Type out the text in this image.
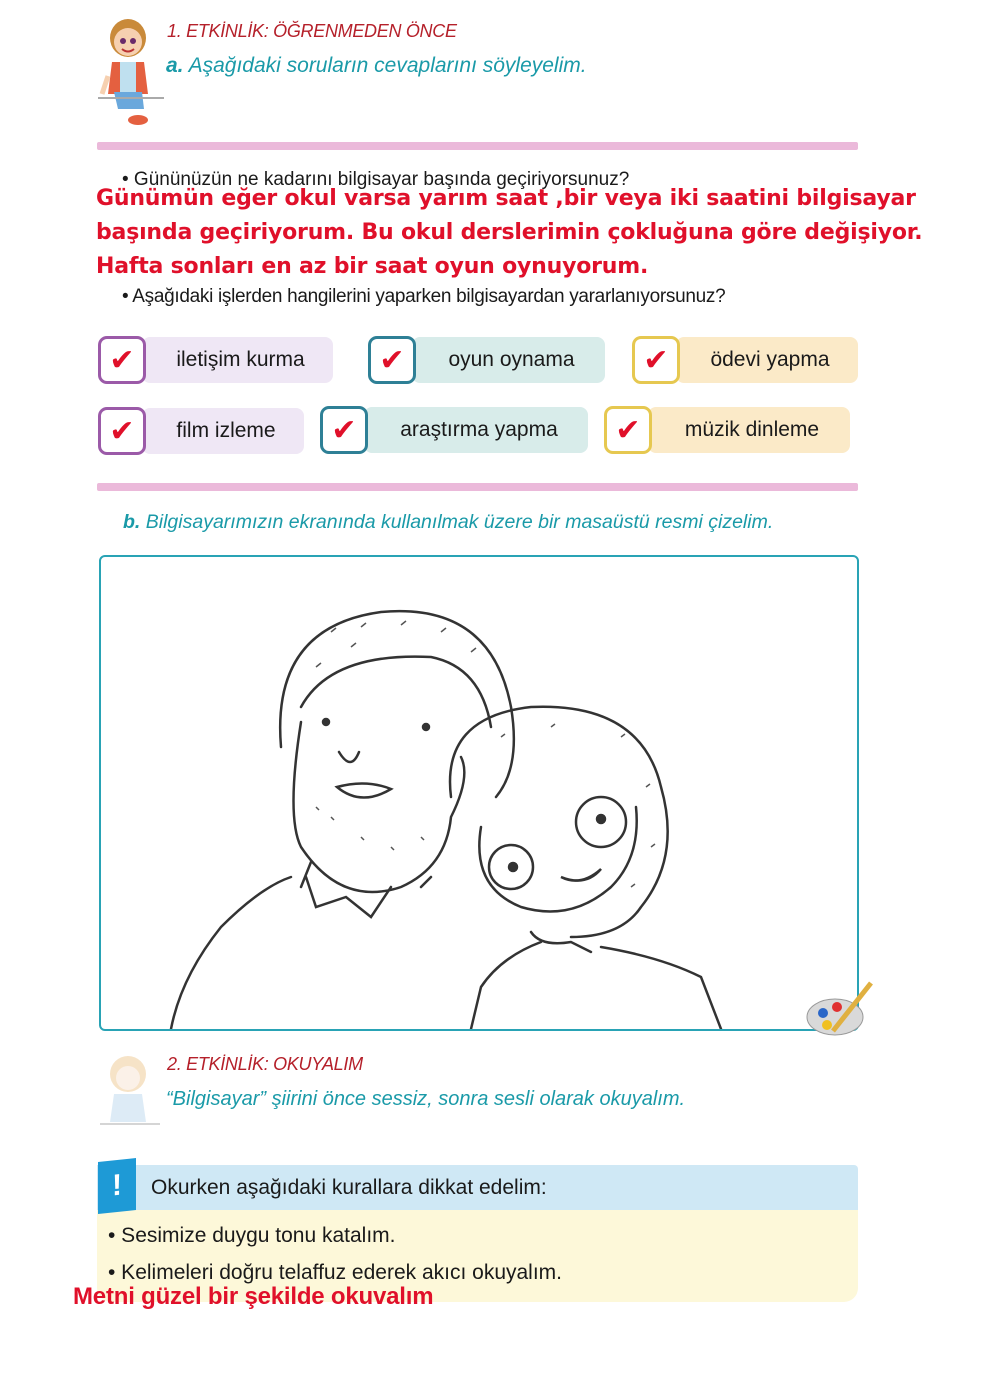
1. ETKİNLİK: ÖĞRENMEDEN ÖNCE
a. Aşağıdaki soruların cevaplarını söyleyelim.
• Gününüzün ne kadarını bilgisayar başında geçiriyorsunuz?
Günümün eğer okul varsa yarım saat ,bir veya iki saatini bilgisayar
başında geçiriyorum. Bu okul derslerimin çokluğuna göre değişiyor.
Hafta sonları en az bir saat oyun oynuyorum.
• Aşağıdaki işlerden hangilerini yaparken bilgisayardan yararlanıyorsunuz?
✔	iletişim kurma	✔	oyun oynama	✔	ödevi yapma
✔	film izleme	✔	araştırma yapma	✔	müzik dinleme
b. Bilgisayarımızın ekranında kullanılmak üzere bir masaüstü resmi çizelim.
2. ETKİNLİK: OKUYALIM
“Bilgisayar” şiirini önce sessiz, sonra sesli olarak okuyalım.
!	Okurken aşağıdaki kurallara dikkat edelim:
• Sesimize duygu tonu katalım.
• Kelimeleri doğru telaffuz ederek akıcı okuyalım.
Metni güzel bir şekilde okuvalım
